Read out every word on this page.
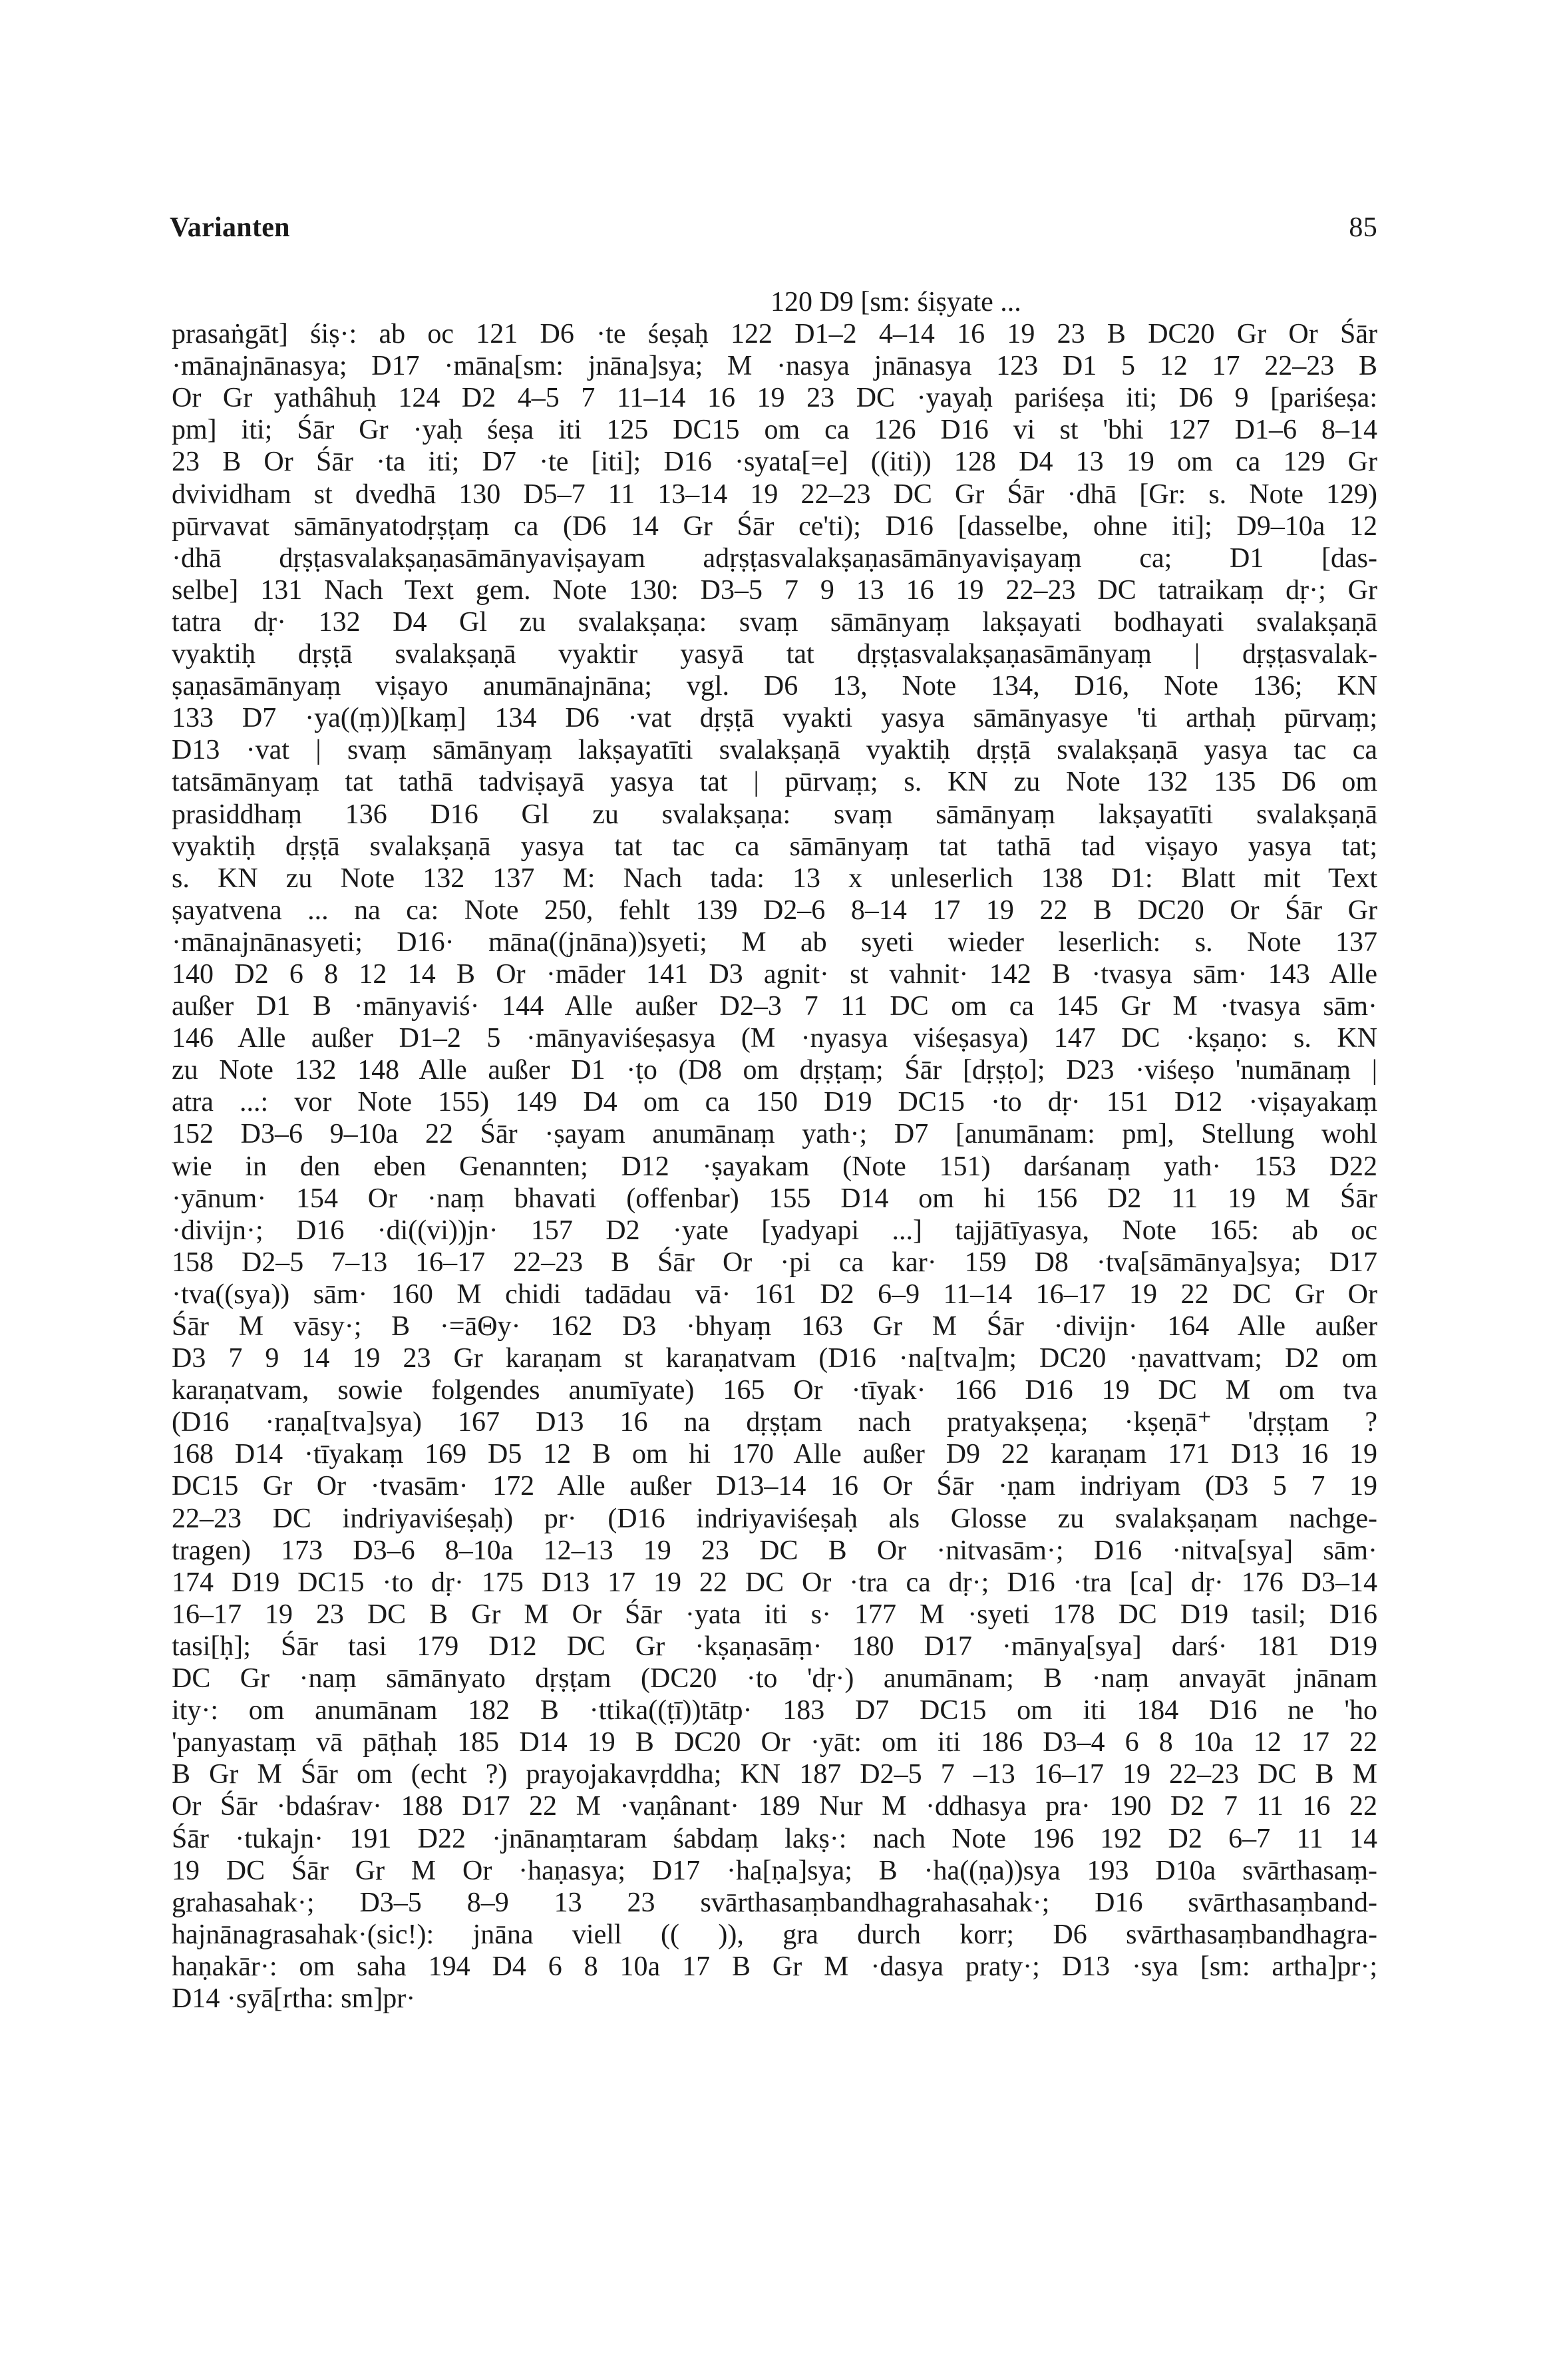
Varianten	85
120 D9 [sm: śiṣyate ...
prasaṅgāt] śiṣ·: ab oc 121 D6 ·te śeṣaḥ 122 D1–2 4–14 16 19 23 B DC20 Gr Or Śār
·mānajnānasya; D17 ·māna[sm: jnāna]sya; M ·nasya jnānasya 123 D1 5 12 17 22–23 B
Or Gr yathâhuḥ 124 D2 4–5 7 11–14 16 19 23 DC ·yayaḥ pariśeṣa iti; D6 9 [pariśeṣa:
pm] iti; Śār Gr ·yaḥ śeṣa iti 125 DC15 om ca 126 D16 vi st 'bhi 127 D1–6 8–14
23 B Or Śār ·ta iti; D7 ·te [iti]; D16 ·syata[=e] ((iti)) 128 D4 13 19 om ca 129 Gr
dvividham st dvedhā 130 D5–7 11 13–14 19 22–23 DC Gr Śār ·dhā [Gr: s. Note 129)
pūrvavat sāmānyatodṛṣṭaṃ ca (D6 14 Gr Śār ce'ti); D16 [dasselbe, ohne iti]; D9–10a 12
·dhā dṛṣṭasvalakṣaṇasāmānyaviṣayam adṛṣṭasvalakṣaṇasāmānyaviṣayaṃ ca; D1 [das-
selbe] 131 Nach Text gem. Note 130: D3–5 7 9 13 16 19 22–23 DC tatraikaṃ dṛ·; Gr
tatra dṛ· 132 D4 Gl zu svalakṣaṇa: svaṃ sāmānyaṃ lakṣayati bodhayati svalakṣaṇā
vyaktiḥ dṛṣṭā svalakṣaṇā vyaktir yasyā tat dṛṣṭasvalakṣaṇasāmānyaṃ | dṛṣṭasvalak-
ṣaṇasāmānyaṃ viṣayo anumānajnāna; vgl. D6 13, Note 134, D16, Note 136; KN
133 D7 ·ya((ṃ))[kaṃ] 134 D6 ·vat dṛṣṭā vyakti yasya sāmānyasye 'ti arthaḥ pūrvaṃ;
D13 ·vat | svaṃ sāmānyaṃ lakṣayatīti svalakṣaṇā vyaktiḥ dṛṣṭā svalakṣaṇā yasya tac ca
tatsāmānyaṃ tat tathā tadviṣayā yasya tat | pūrvaṃ; s. KN zu Note 132 135 D6 om
prasiddhaṃ 136 D16 Gl zu svalakṣaṇa: svaṃ sāmānyaṃ lakṣayatīti svalakṣaṇā
vyaktiḥ dṛṣṭā svalakṣaṇā yasya tat tac ca sāmānyaṃ tat tathā tad viṣayo yasya tat;
s. KN zu Note 132 137 M: Nach tada: 13 x unleserlich 138 D1: Blatt mit Text
ṣayatvena ... na ca: Note 250, fehlt 139 D2–6 8–14 17 19 22 B DC20 Or Śār Gr
·mānajnānasyeti; D16· māna((jnāna))syeti; M ab syeti wieder leserlich: s. Note 137
140 D2 6 8 12 14 B Or ·māder 141 D3 agnit· st vahnit· 142 B ·tvasya sām· 143 Alle
außer D1 B ·mānyaviś· 144 Alle außer D2–3 7 11 DC om ca 145 Gr M ·tvasya sām·
146 Alle außer D1–2 5 ·mānyaviśeṣasya (M ·nyasya viśeṣasya) 147 DC ·kṣaṇo: s. KN
zu Note 132 148 Alle außer D1 ·ṭo (D8 om dṛṣṭaṃ; Śār [dṛṣṭo]; D23 ·viśeṣo 'numānaṃ |
atra ...: vor Note 155) 149 D4 om ca 150 D19 DC15 ·to dṛ· 151 D12 ·viṣayakaṃ
152 D3–6 9–10a 22 Śār ·ṣayam anumānaṃ yath·; D7 [anumānam: pm], Stellung wohl
wie in den eben Genannten; D12 ·ṣayakam (Note 151) darśanaṃ yath· 153 D22
·yānum· 154 Or ·naṃ bhavati (offenbar) 155 D14 om hi 156 D2 11 19 M Śār
·divijn·; D16 ·di((vi))jn· 157 D2 ·yate [yadyapi ...] tajjātīyasya, Note 165: ab oc
158 D2–5 7–13 16–17 22–23 B Śār Or ·pi ca kar· 159 D8 ·tva[sāmānya]sya; D17
·tva((sya)) sām· 160 M chidi tadādau vā· 161 D2 6–9 11–14 16–17 19 22 DC Gr Or
Śār M vāsy·; B ·=āΘy· 162 D3 ·bhyaṃ 163 Gr M Śār ·divijn· 164 Alle außer
D3 7 9 14 19 23 Gr karaṇam st karaṇatvam (D16 ·na[tva]m; DC20 ·ṇavattvam; D2 om
karaṇatvam, sowie folgendes anumīyate) 165 Or ·tīyak· 166 D16 19 DC M om tva
(D16 ·raṇa[tva]sya) 167 D13 16 na dṛṣṭam nach pratyakṣeṇa; ·kṣeṇā⁺ 'dṛṣṭam ?
168 D14 ·tīyakaṃ 169 D5 12 B om hi 170 Alle außer D9 22 karaṇam 171 D13 16 19
DC15 Gr Or ·tvasām· 172 Alle außer D13–14 16 Or Śār ·ṇam indriyam (D3 5 7 19
22–23 DC indriyaviśeṣaḥ) pr· (D16 indriyaviśeṣaḥ als Glosse zu svalakṣaṇam nachge-
tragen) 173 D3–6 8–10a 12–13 19 23 DC B Or ·nitvasām·; D16 ·nitva[sya] sām·
174 D19 DC15 ·to dṛ· 175 D13 17 19 22 DC Or ·tra ca dṛ·; D16 ·tra [ca] dṛ· 176 D3–14
16–17 19 23 DC B Gr M Or Śār ·yata iti s· 177 M ·syeti 178 DC D19 tasil; D16
tasi[ḥ]; Śār tasi 179 D12 DC Gr ·kṣaṇasāṃ· 180 D17 ·mānya[sya] darś· 181 D19
DC Gr ·naṃ sāmānyato dṛṣṭam (DC20 ·to 'dṛ·) anumānam; B ·naṃ anvayāt jnānam
ity·: om anumānam 182 B ·ttika((ṭī))tātp· 183 D7 DC15 om iti 184 D16 ne 'ho
'panyastaṃ vā pāṭhaḥ 185 D14 19 B DC20 Or ·yāt: om iti 186 D3–4 6 8 10a 12 17 22
B Gr M Śār om (echt ?) prayojakavṛddha; KN 187 D2–5 7 –13 16–17 19 22–23 DC B M
Or Śār ·bdaśrav· 188 D17 22 M ·vaṇânant· 189 Nur M ·ddhasya pra· 190 D2 7 11 16 22
Śār ·tukajn· 191 D22 ·jnānaṃtaram śabdaṃ lakṣ·: nach Note 196 192 D2 6–7 11 14
19 DC Śār Gr M Or ·haṇasya; D17 ·ha[ṇa]sya; B ·ha((ṇa))sya 193 D10a svārthasaṃ-
grahasahak·; D3–5 8–9 13 23 svārthasaṃbandhagrahasahak·; D16 svārthasaṃband-
hajnānagrasahak·(sic!): jnāna viell (( )), gra durch korr; D6 svārthasaṃbandhagra-
haṇakār·: om saha 194 D4 6 8 10a 17 B Gr M ·dasya praty·; D13 ·sya [sm: artha]pr·;
D14 ·syā[rtha: sm]pr·
